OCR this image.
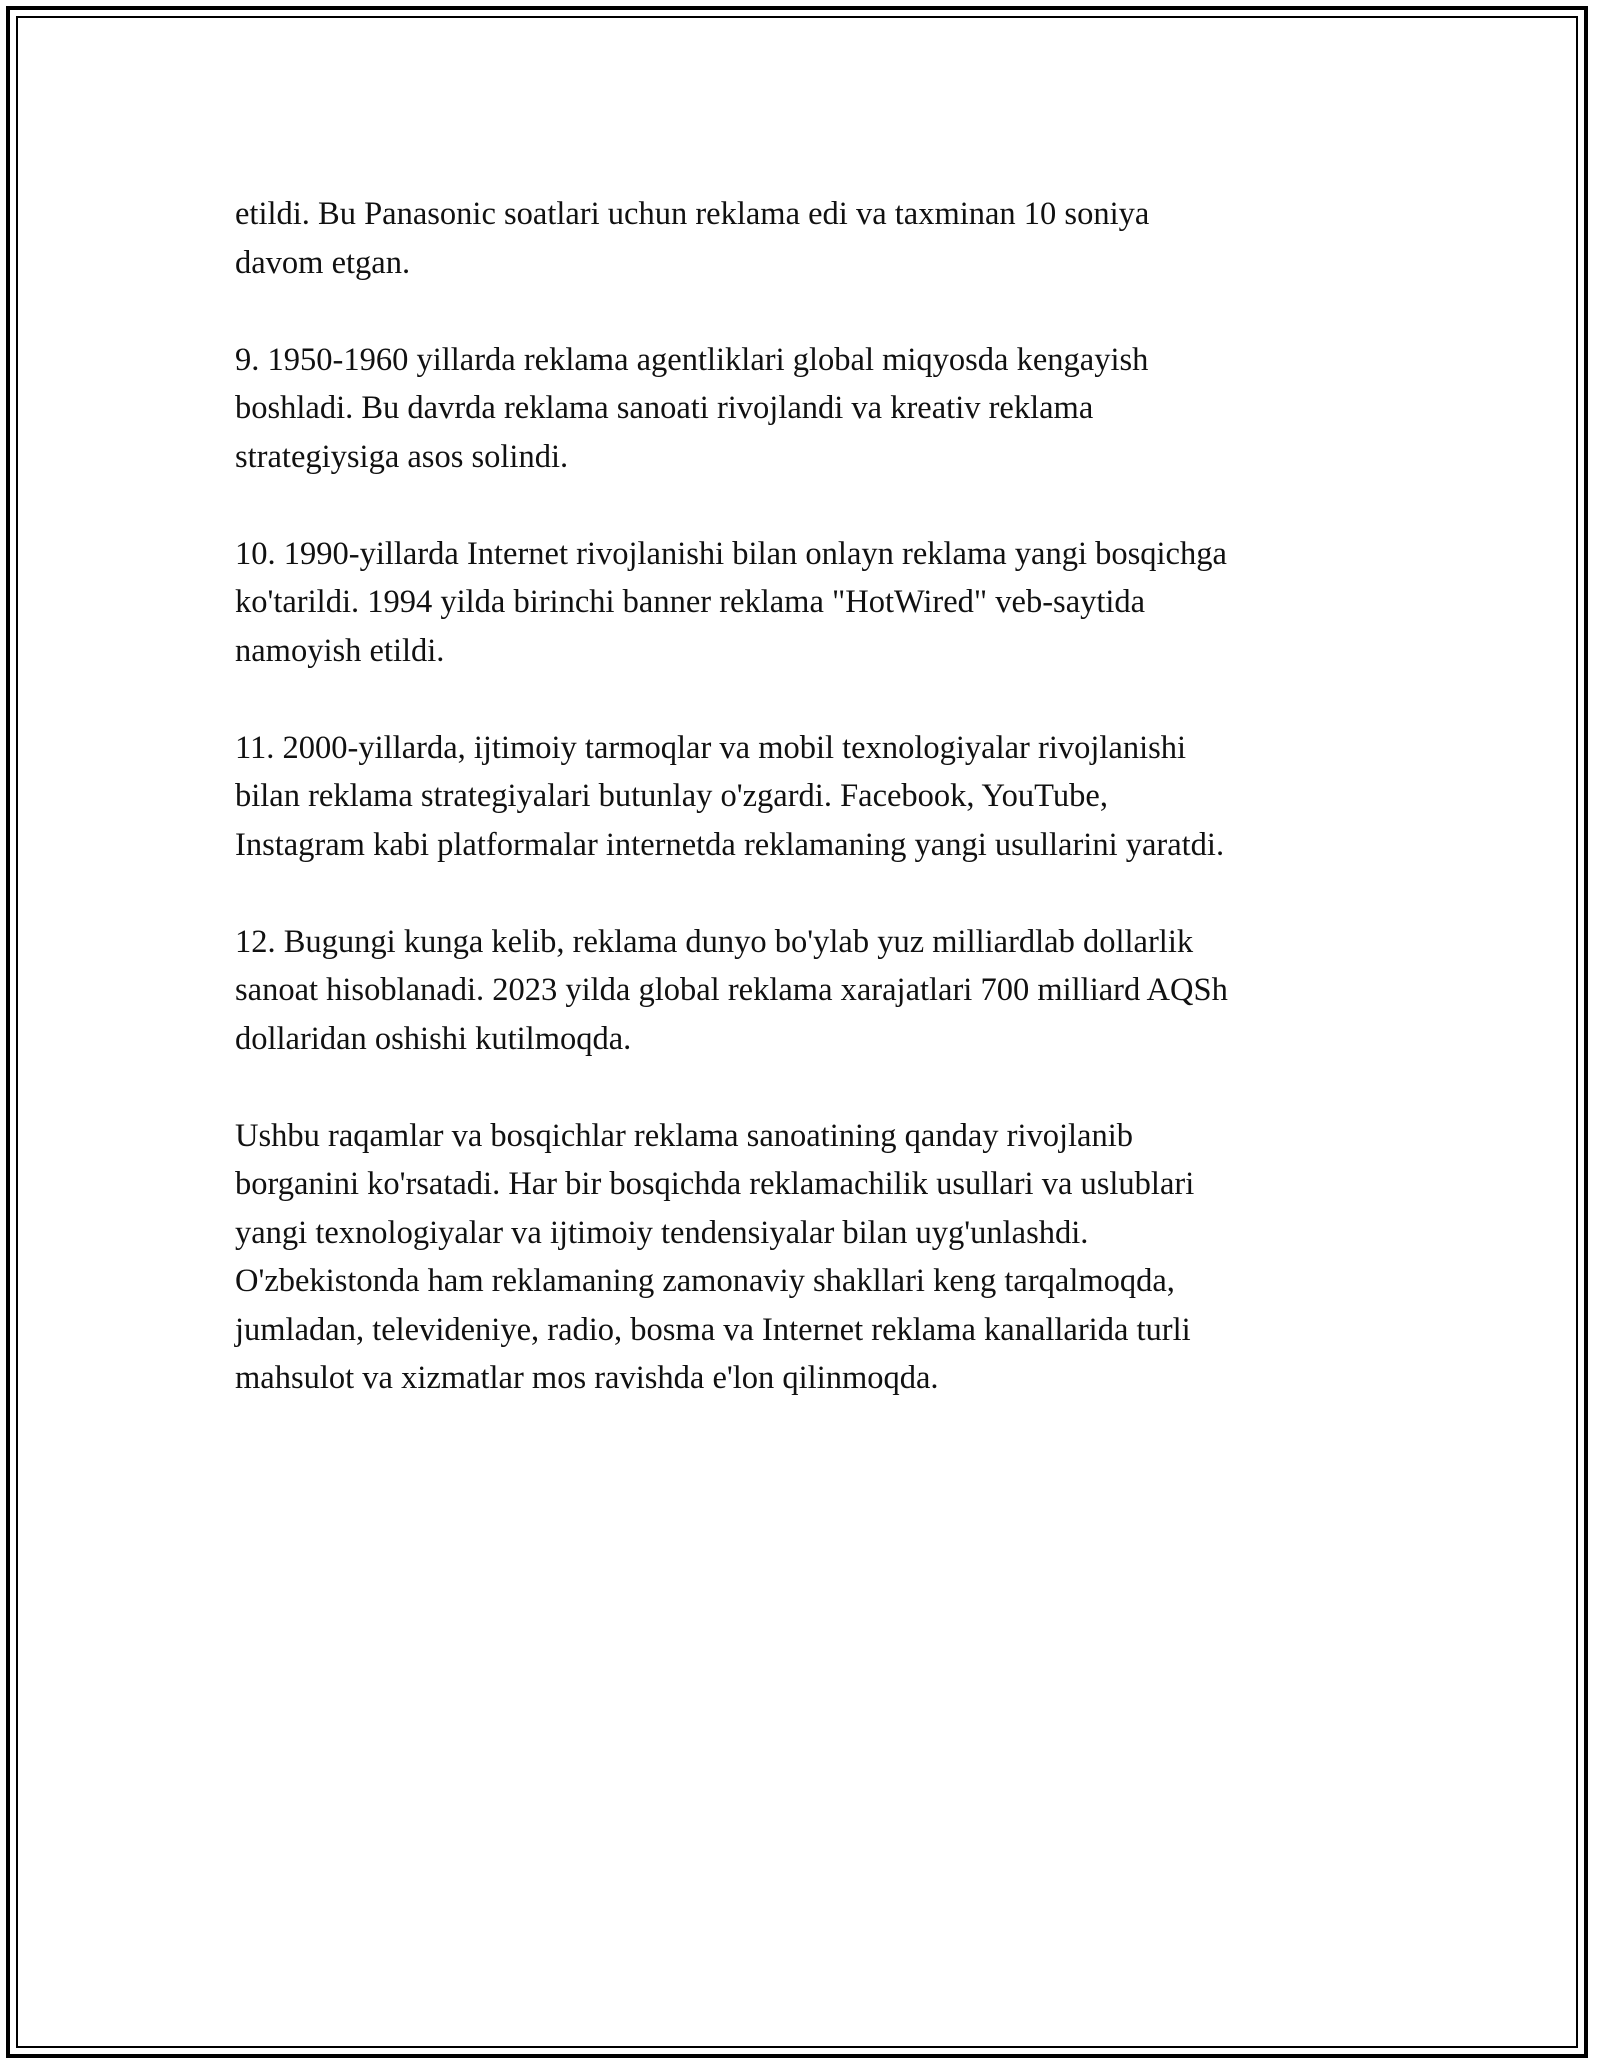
etildi. Bu Panasonic soatlari uchun reklama edi va taxminan 10 soniya
davom etgan.

9. 1950-1960 yillarda reklama agentliklari global miqyosda kengayish
boshladi. Bu davrda reklama sanoati rivojlandi va kreativ reklama
strategiysiga asos solindi.

10. 1990-yillarda Internet rivojlanishi bilan onlayn reklama yangi bosqichga
ko'tarildi. 1994 yilda birinchi banner reklama "HotWired" veb-saytida
namoyish etildi.

11. 2000-yillarda, ijtimoiy tarmoqlar va mobil texnologiyalar rivojlanishi
bilan reklama strategiyalari butunlay o'zgardi. Facebook, YouTube,
Instagram kabi platformalar internetda reklamaning yangi usullarini yaratdi.

12. Bugungi kunga kelib, reklama dunyo bo'ylab yuz milliardlab dollarlik
sanoat hisoblanadi. 2023 yilda global reklama xarajatlari 700 milliard AQSh
dollaridan oshishi kutilmoqda.

Ushbu raqamlar va bosqichlar reklama sanoatining qanday rivojlanib
borganini ko'rsatadi. Har bir bosqichda reklamachilik usullari va uslublari
yangi texnologiyalar va ijtimoiy tendensiyalar bilan uyg'unlashdi.
O'zbekistonda ham reklamaning zamonaviy shakllari keng tarqalmoqda,
jumladan, televideniye, radio, bosma va Internet reklama kanallarida turli
mahsulot va xizmatlar mos ravishda e'lon qilinmoqda.
